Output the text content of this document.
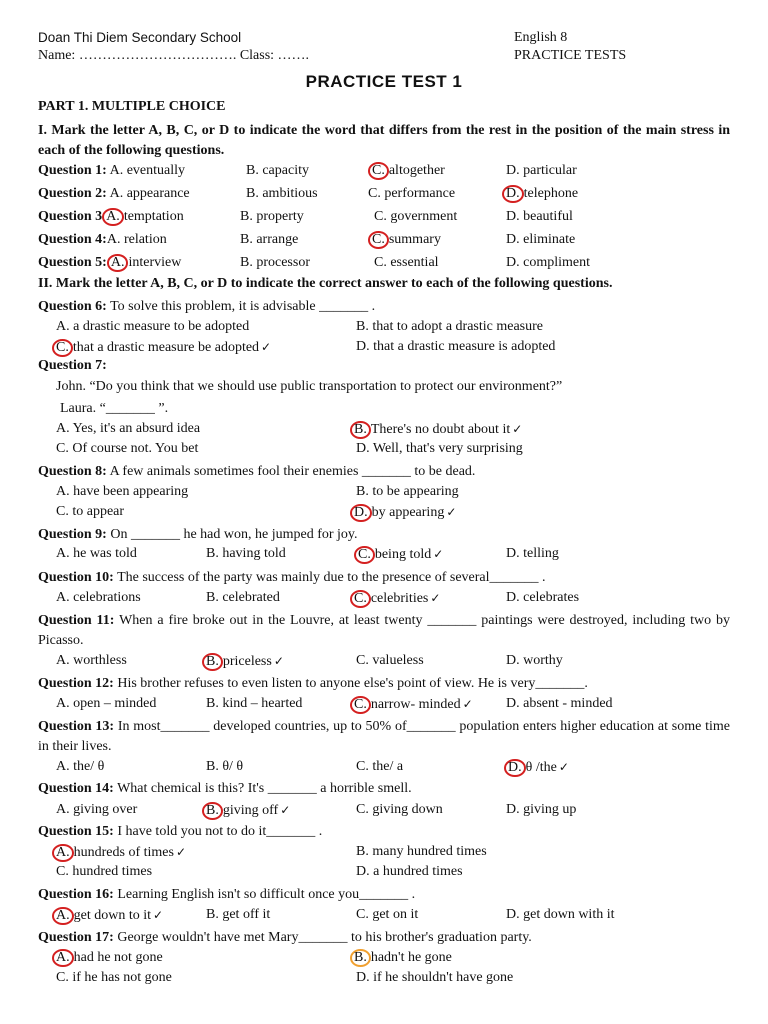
Doan Thi Diem Secondary School
Name: ……………………………. Class: …….
English 8
PRACTICE TESTS
PRACTICE TEST 1
PART 1. MULTIPLE CHOICE
I. Mark the letter A, B, C, or D to indicate the word that differs from the rest in the position of the main stress in each of the following questions.
Question 1: A. eventually	B. capacity	C. altogether	D. particular
Question 2: A. appearance	B. ambitious	C. performance	D. telephone
Question 3 A. temptation	B. property	C. government	D. beautiful
Question 4:A. relation	B. arrange	C. summary	D. eliminate
Question 5: A. interview	B. processor	C. essential	D. compliment
II. Mark the letter A, B, C, or D to indicate the correct answer to each of the following questions.
Question 6: To solve this problem, it is advisable _______ .
A. a drastic measure to be adopted	B. that to adopt a drastic measure
C. that a drastic measure be adopted ✓	D. that a drastic measure is adopted
Question 7:
John. “Do you think that we should use public transportation to protect our environment?”
Laura. “_______ ”.
A. Yes, it's an absurd idea	B. There's no doubt about it ✓
C. Of course not. You bet	D. Well, that's very surprising
Question 8: A few animals sometimes fool their enemies _______ to be dead.
A. have been appearing	B. to be appearing
C. to appear	D. by appearing ✓
Question 9: On _______ he had won, he jumped for joy.
A. he was told	B. having told	C. being told ✓	D. telling
Question 10: The success of the party was mainly due to the presence of several_______ .
A. celebrations	B. celebrated	C. celebrities ✓	D. celebrates
Question 11: When a fire broke out in the Louvre, at least twenty _______ paintings were destroyed, including two by Picasso.
A. worthless	B. priceless ✓	C. valueless	D. worthy
Question 12: His brother refuses to even listen to anyone else's point of view. He is very_______.
A. open – minded	B. kind – hearted	C. narrow- minded ✓ D. absent - minded
Question 13: In most_______ developed countries, up to 50% of_______ population enters higher education at some time in their lives.
A. the/ θ	B. θ/ θ	C. the/ a	D. θ /the ✓
Question 14: What chemical is this? It's _______ a horrible smell.
A. giving over	B. giving off ✓	C. giving down	D. giving up
Question 15: I have told you not to do it_______ .
A. hundreds of times ✓	B. many hundred times
C. hundred times	D. a hundred times
Question 16: Learning English isn't so difficult once you_______ .
A. get down to it ✓	B. get off it	C. get on it	D. get down with it
Question 17: George wouldn't have met Mary_______ to his brother's graduation party.
A. had he not gone	B. hadn't he gone
C. if he has not gone	D. if he shouldn't have gone
